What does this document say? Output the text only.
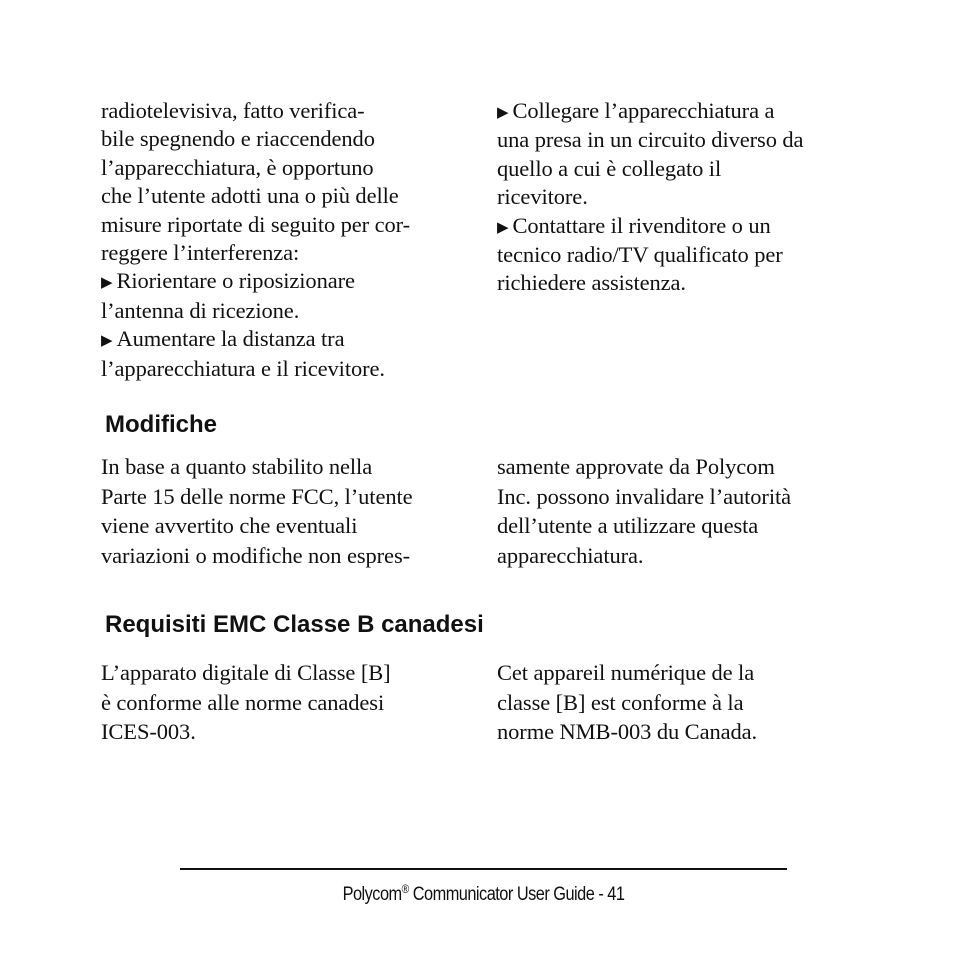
radiotelevisiva, fatto verifica-
bile spegnendo e riaccendendo
l’apparecchiatura, è opportuno
che l’utente adotti una o più delle
misure riportate di seguito per cor-
reggere l’interferenza:
▶ Riorientare o riposizionare
l’antenna di ricezione.
▶ Aumentare la distanza tra
l’apparecchiatura e il ricevitore.
▶ Collegare l’apparecchiatura a
una presa in un circuito diverso da
quello a cui è collegato il
ricevitore.
▶ Contattare il rivenditore o un
tecnico radio/TV qualificato per
richiedere assistenza.
Modifiche
In base a quanto stabilito nella
Parte 15 delle norme FCC, l’utente
viene avvertito che eventuali
variazioni o modifiche non espres-
samente approvate da Polycom
Inc. possono invalidare l’autorità
dell’utente a utilizzare questa
apparecchiatura.
Requisiti EMC Classe B canadesi
L’apparato digitale di Classe [B]
è conforme alle norme canadesi
ICES-003.
Cet appareil numérique de la
classe [B] est conforme à la
norme NMB-003 du Canada.
Polycom® Communicator User Guide - 41
